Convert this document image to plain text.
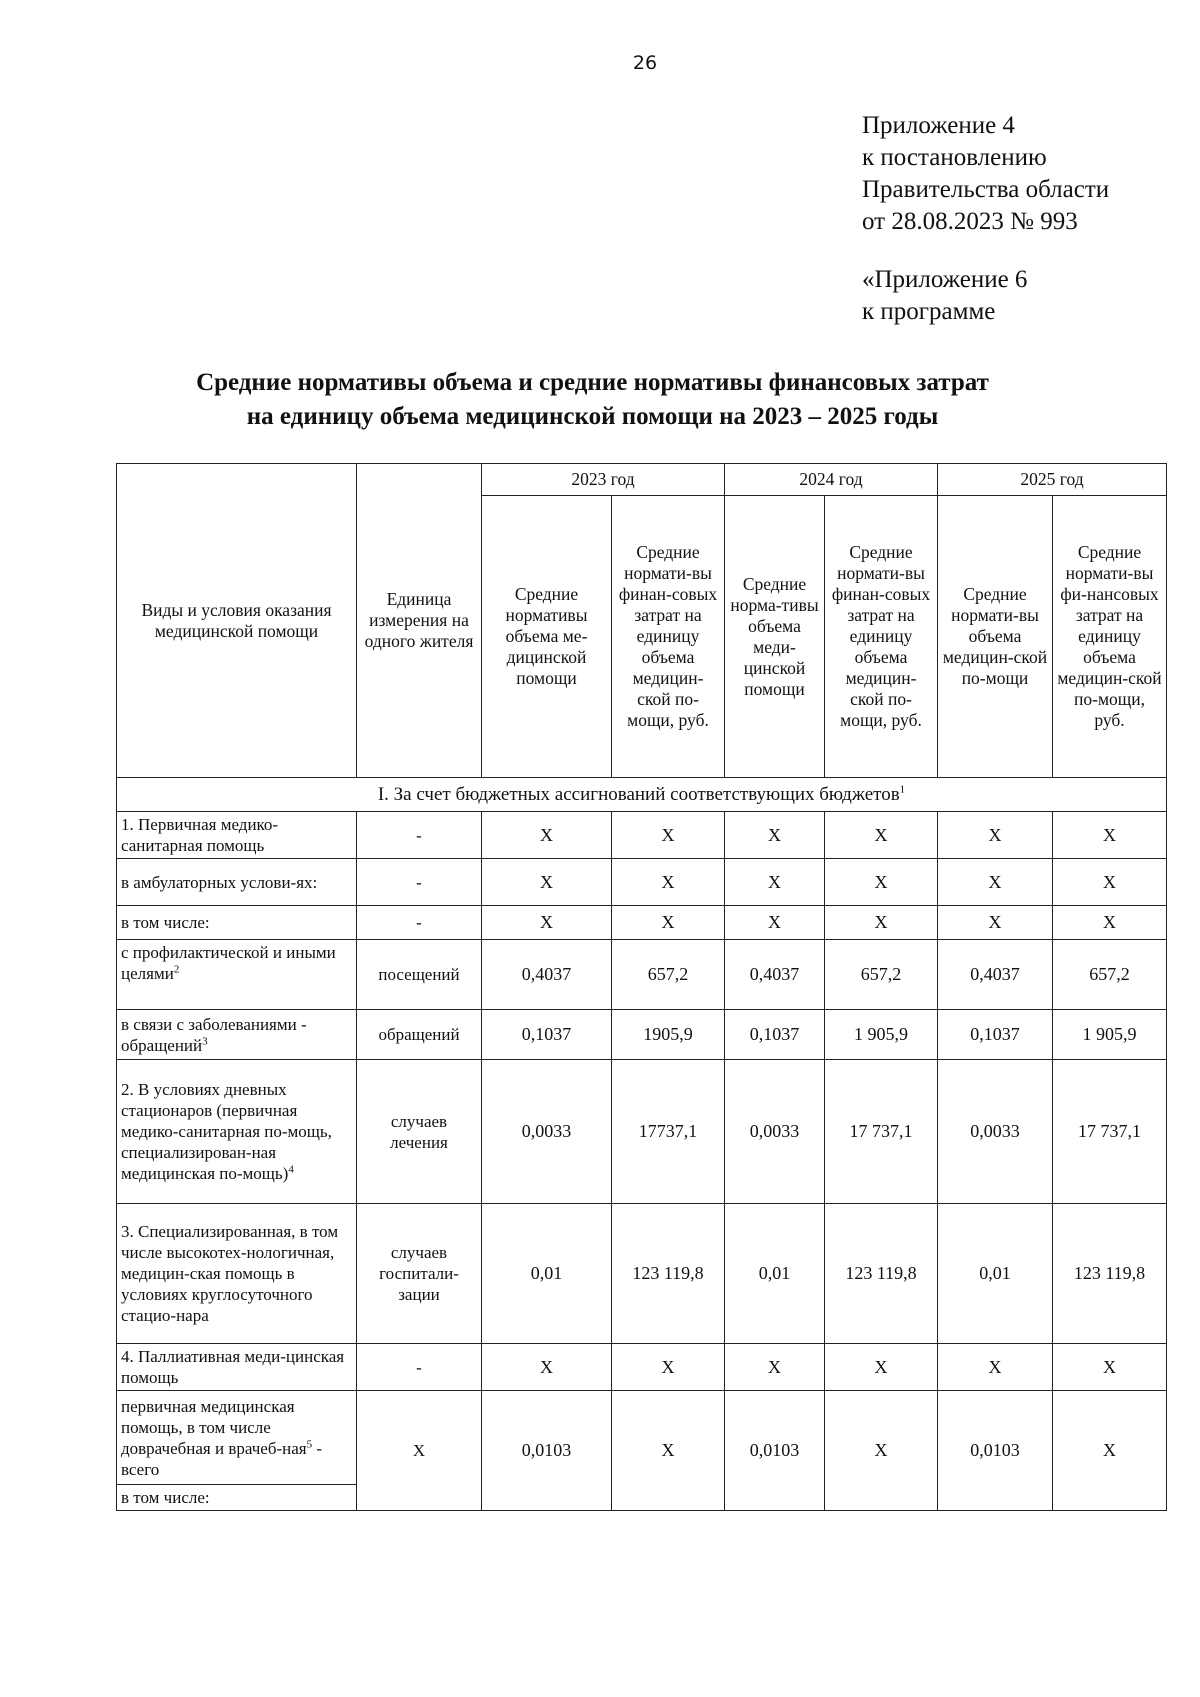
26
Приложение 4
к постановлению
Правительства области
от 28.08.2023 № 993
«Приложение 6
к программе
Средние нормативы объема и средние нормативы финансовых затрат
на единицу объема медицинской помощи на 2023 – 2025 годы
Виды и условия оказания медицинской помощи	Единица измерения на одного жителя	2023 год		2024 год		2025 год	
		Средние нормативы объема ме-дицинской помощи	Средние нормати-вы финан-совых затрат на единицу объема медицин-ской по-мощи, руб.	Средние норма-тивы объема меди-цинской помощи	Средние нормати-вы финан-совых затрат на единицу объема медицин-ской по-мощи, руб.	Средние нормати-вы объема медицин-ской по-мощи	Средние нормати-вы фи-нансовых затрат на единицу объема медицин-ской по-мощи, руб.
I. За счет бюджетных ассигнований соответствующих бюджетов$^1$
1. Первичная медико-санитарная помощь	-	Х	Х	Х	Х	Х	Х
в амбулаторных услови-ях:	-	Х	Х	Х	Х	Х	Х
в том числе:	-	Х	Х	Х	Х	Х	Х
с профилактической и иными целями$^2$	посещений	0,4037	657,2	0,4037	657,2	0,4037	657,2
в связи с заболеваниями - обращений$^3$	обращений	0,1037	1905,9	0,1037	1 905,9	0,1037	1 905,9
2. В условиях дневных стационаров (первичная медико-санитарная по-мощь, специализирован-ная медицинская по-мощь)$^4$	случаев лечения	0,0033	17737,1	0,0033	17 737,1	0,0033	17 737,1
3. Специализированная, в том числе высокотех-нологичная, медицин-ская помощь в условиях круглосуточного стацио-нара	случаев госпитали-зации	0,01	123 119,8	0,01	123 119,8	0,01	123 119,8
4. Паллиативная меди-цинская помощь	-	Х	Х	Х	Х	Х	Х
первичная медицинская помощь, в том числе доврачебная и врачеб-ная$^5$ - всего	Х	0,0103	Х	0,0103	Х	0,0103	Х
в том числе:							
